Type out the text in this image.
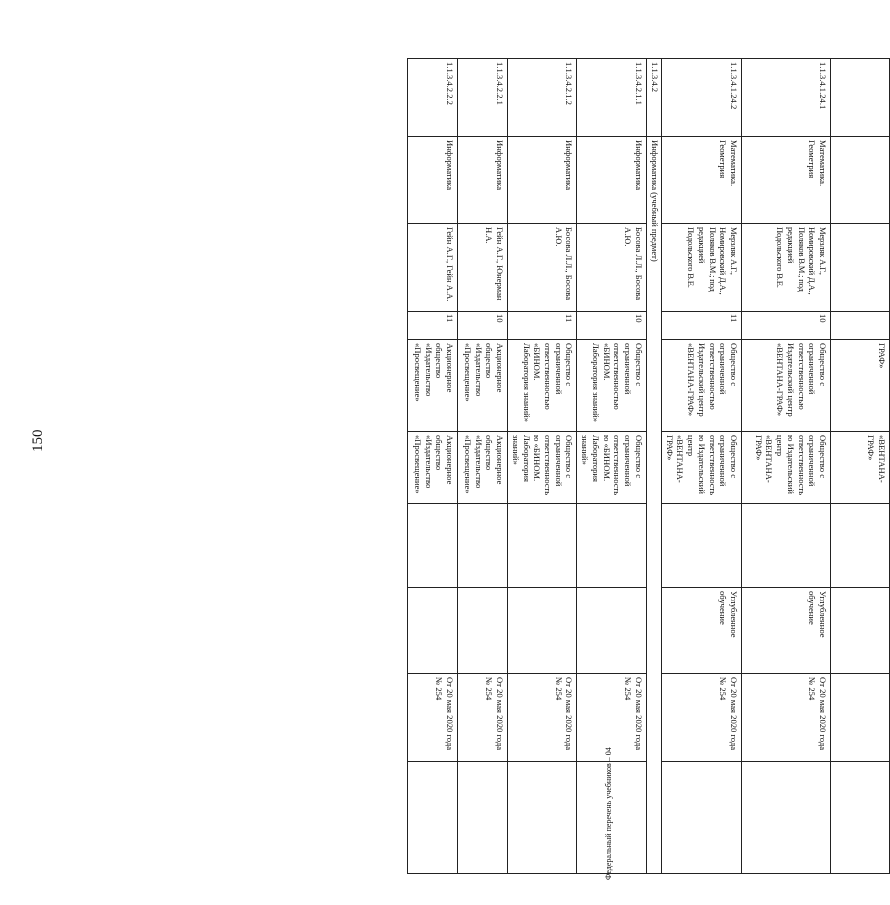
150
Федеральный перечень учебников – 04
				ГРАФ»	«ВЕНТАНА-ГРАФ»				
1.1.3.4.1.24.1	Математика. Геометрия	Мерзляк А.Г., Номировский Д.А., Поляков В.М.; под редакцией Подольского В.Е.	10	Общество с ограниченной ответственностью Издательский центр «ВЕНТАНА-ГРАФ»	Общество с ограниченной ответственностью Издательский центр «ВЕНТАНА-ГРАФ»		Углубленное обучение	От 20 мая 2020 года № 254	
1.1.3.4.1.24.2	Математика. Геометрия	Мерзляк А.Г., Номировский Д.А., Поляков В.М.; под редакцией Подольского В.Е.	11	Общество с ограниченной ответственностью Издательский центр «ВЕНТАНА-ГРАФ»	Общество с ограниченной ответственностью Издательский центр «ВЕНТАНА-ГРАФ»		Углубленное обучение	От 20 мая 2020 года № 254	
1.1.3.4.2	Информатика (учебный предмет)								
1.1.3.4.2.1.1	Информатика	Босова Л.Л., Босова А.Ю.	10	Общество с ограниченной ответственностью «БИНОМ. Лаборатория знаний»	Общество с ограниченной ответственностью «БИНОМ. Лаборатория знаний»			От 20 мая 2020 года № 254	
1.1.3.4.2.1.2	Информатика	Босова Л.Л., Босова А.Ю.	11	Общество с ограниченной ответственностью «БИНОМ. Лаборатория знаний»	Общество с ограниченной ответственностью «БИНОМ. Лаборатория знаний»			От 20 мая 2020 года № 254	
1.1.3.4.2.2.1	Информатика	Гейн А.Г., Юнерман Н.А.	10	Акционерное общество «Издательство «Просвещение»	Акционерное общество «Издательство «Просвещение»			От 20 мая 2020 года № 254	
1.1.3.4.2.2.2	Информатика	Гейн А.Г., Гейн А.А.	11	Акционерное общество «Издательство «Просвещение»	Акционерное общество «Издательство «Просвещение»			От 20 мая 2020 года № 254	
